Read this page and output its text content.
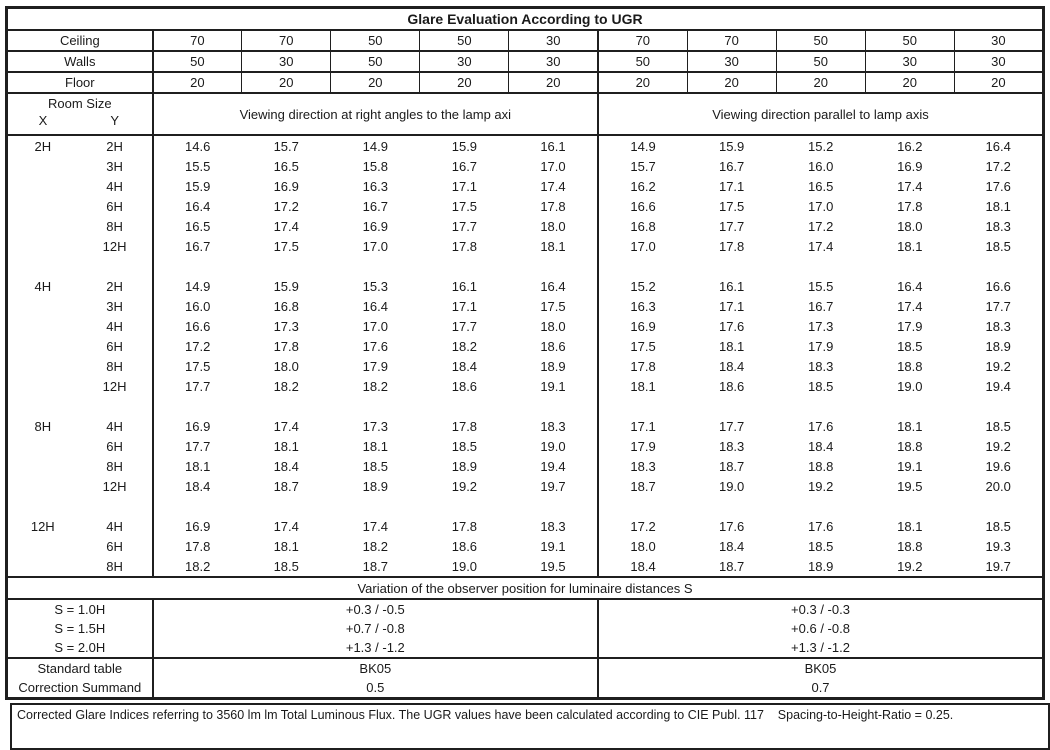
Glare Evaluation According to UGR											
Ceiling		70	70	50	50	30	70	70	50	50	30
Walls		50	30	50	30	30	50	30	50	30	30
Floor		20	20	20	20	20	20	20	20	20	20

Room Size
X Y		Viewing direction at right angles to the lamp axi					Viewing direction parallel to lamp axis				
2H	2H	14.6	15.7	14.9	15.9	16.1	14.9	15.9	15.2	16.2	16.4
	3H	15.5	16.5	15.8	16.7	17.0	15.7	16.7	16.0	16.9	17.2
	4H	15.9	16.9	16.3	17.1	17.4	16.2	17.1	16.5	17.4	17.6
	6H	16.4	17.2	16.7	17.5	17.8	16.6	17.5	17.0	17.8	18.1
	8H	16.5	17.4	16.9	17.7	18.0	16.8	17.7	17.2	18.0	18.3
	12H	16.7	17.5	17.0	17.8	18.1	17.0	17.8	17.4	18.1	18.5

4H	2H	14.9	15.9	15.3	16.1	16.4	15.2	16.1	15.5	16.4	16.6
	3H	16.0	16.8	16.4	17.1	17.5	16.3	17.1	16.7	17.4	17.7
	4H	16.6	17.3	17.0	17.7	18.0	16.9	17.6	17.3	17.9	18.3
	6H	17.2	17.8	17.6	18.2	18.6	17.5	18.1	17.9	18.5	18.9
	8H	17.5	18.0	17.9	18.4	18.9	17.8	18.4	18.3	18.8	19.2
	12H	17.7	18.2	18.2	18.6	19.1	18.1	18.6	18.5	19.0	19.4

8H	4H	16.9	17.4	17.3	17.8	18.3	17.1	17.7	17.6	18.1	18.5
	6H	17.7	18.1	18.1	18.5	19.0	17.9	18.3	18.4	18.8	19.2
	8H	18.1	18.4	18.5	18.9	19.4	18.3	18.7	18.8	19.1	19.6
	12H	18.4	18.7	18.9	19.2	19.7	18.7	19.0	19.2	19.5	20.0

12H	4H	16.9	17.4	17.4	17.8	18.3	17.2	17.6	17.6	18.1	18.5
	6H	17.8	18.1	18.2	18.6	19.1	18.0	18.4	18.5	18.8	19.3
	8H	18.2	18.5	18.7	19.0	19.5	18.4	18.7	18.9	19.2	19.7
Variation of the observer position for luminaire distances S											
S = 1.0H		+0.3 / -0.5					+0.3 / -0.3				
S = 1.5H		+0.7 / -0.8					+0.6 / -0.8				
S = 2.0H		+1.3 / -1.2					+1.3 / -1.2				
Standard table		BK05					BK05				
Correction Summand		0.5					0.7				
Corrected Glare Indices referring to 3560 lm lm Total Luminous Flux. The UGR values have been calculated according to CIE Publ. 117    Spacing-to-Height-Ratio = 0.25.
